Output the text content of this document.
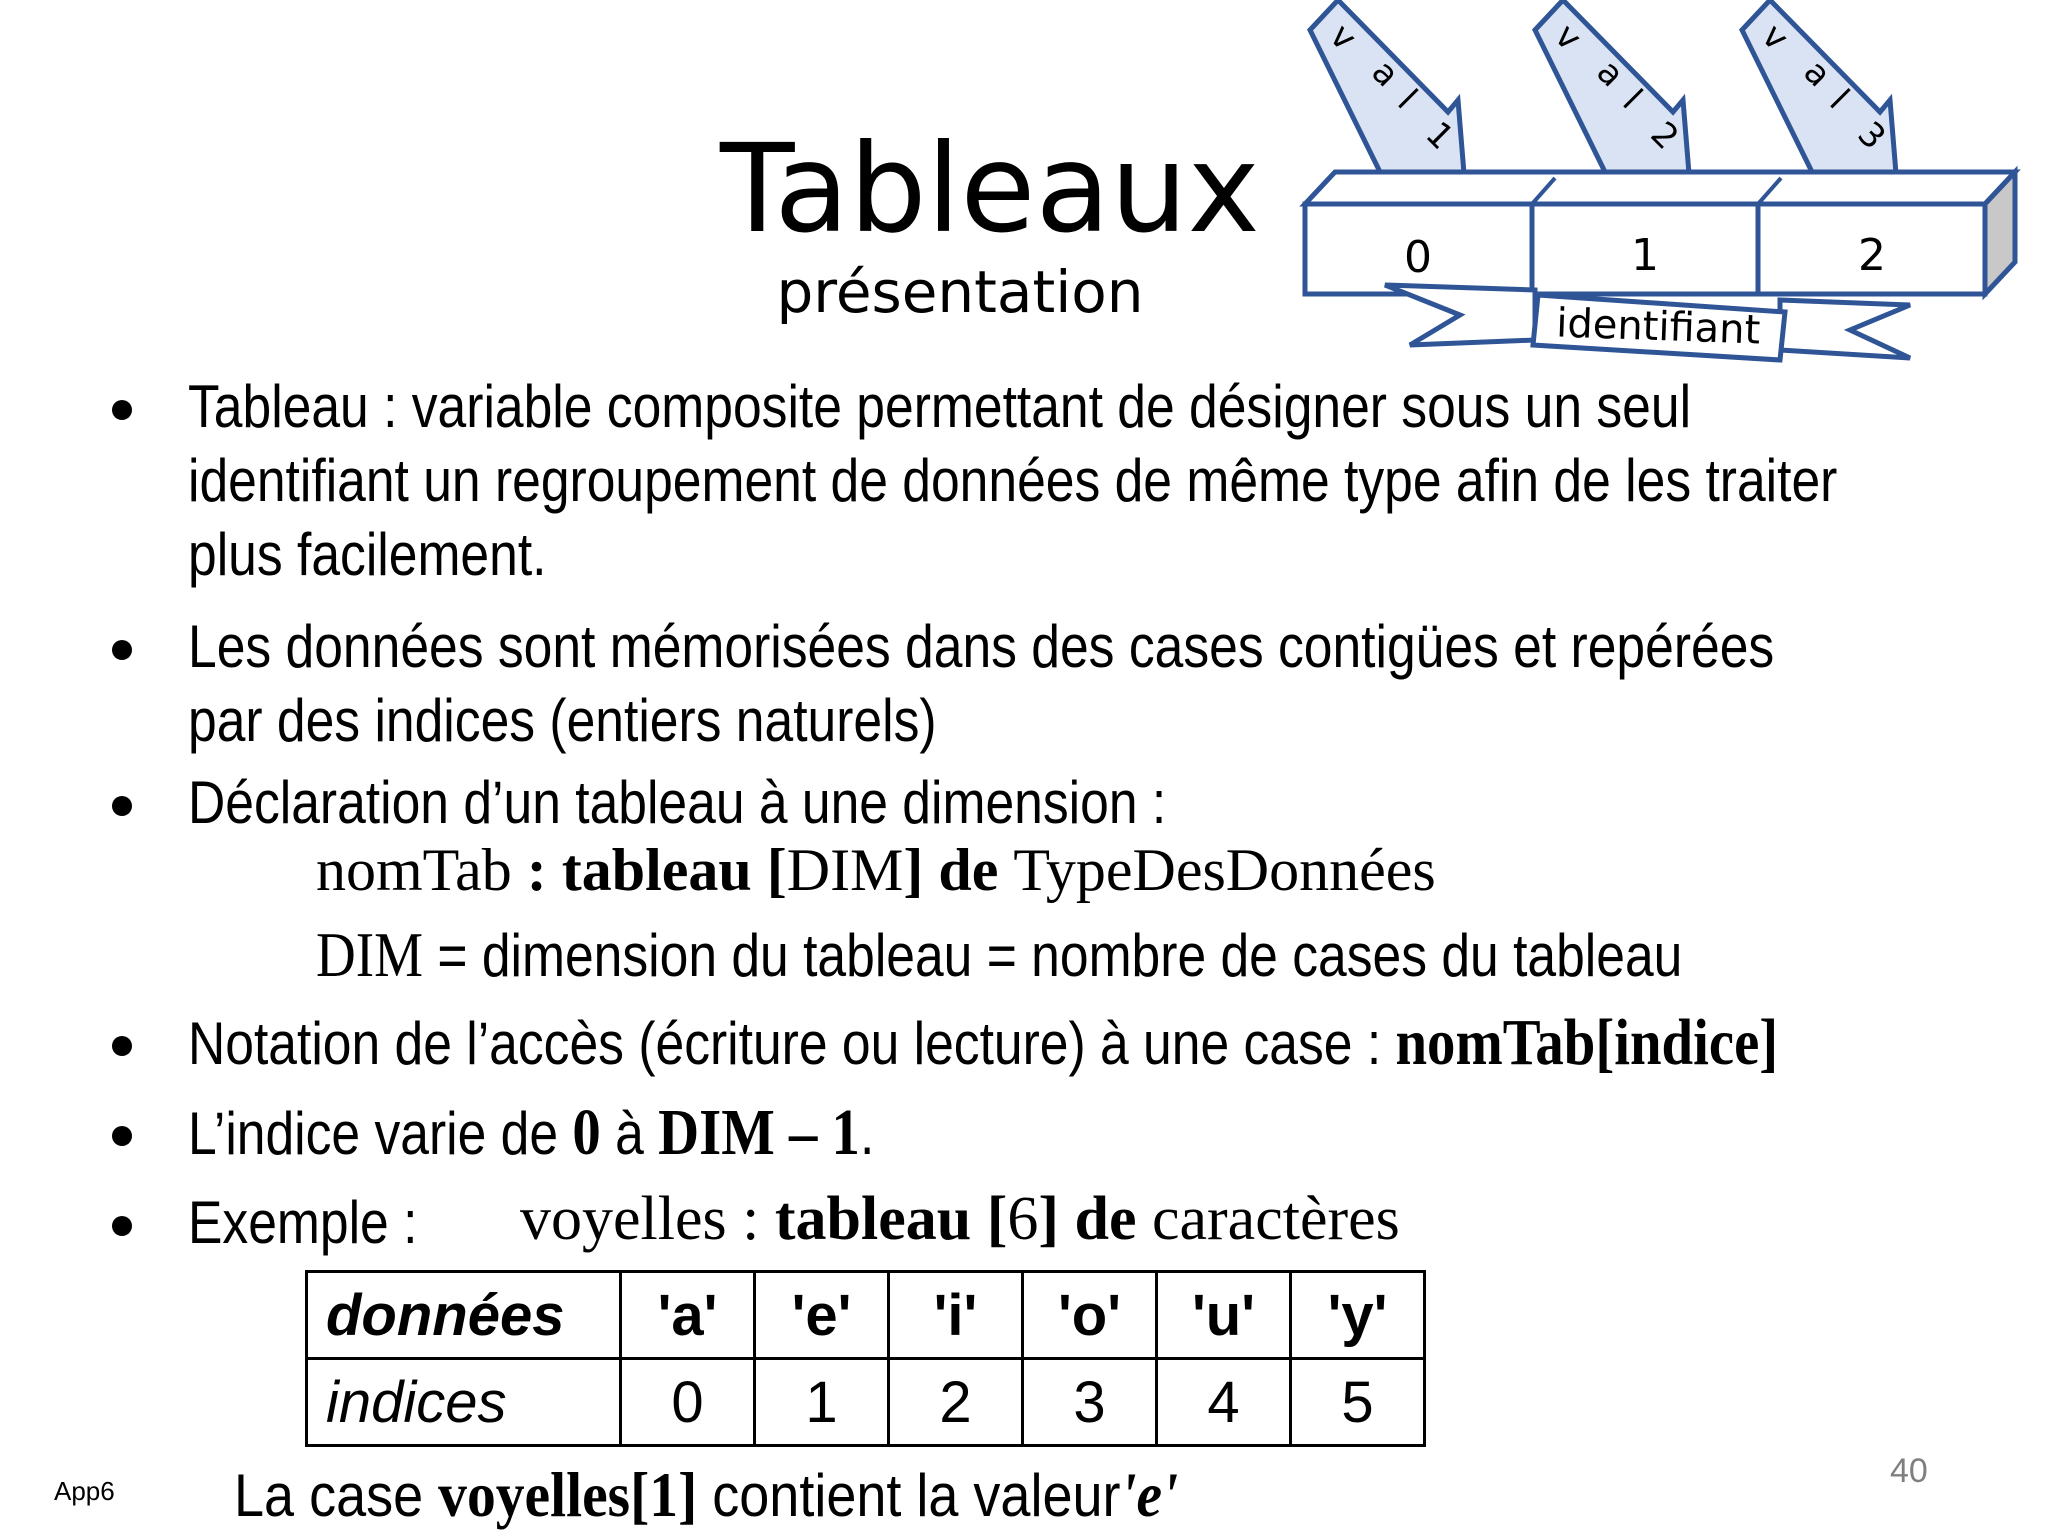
Tableaux
présentation
v
a
l
1
v
a
l
2
v
a
l
3
0	1	2
identifiant
Tableau : variable composite permettant de désigner sous un seul
identifiant un regroupement de données de même type afin de les traiter
plus facilement.
Les données sont mémorisées dans des cases contigües et repérées
par des indices (entiers naturels)
Déclaration d’un tableau à une dimension :
nomTab : tableau [DIM] de TypeDesDonnées
DIM = dimension du tableau = nombre de cases du tableau
Notation de l’accès (écriture ou lecture) à une case : nomTab[indice]
L’indice varie de 0 à DIM – 1.
Exemple : voyelles : tableau [6] de caractères
données	'a'	'e'	'i'	'o'	'u'	'y'
indices	0	1	2	3	4	5
La case voyelles[1] contient la valeur'e'
App6
40
